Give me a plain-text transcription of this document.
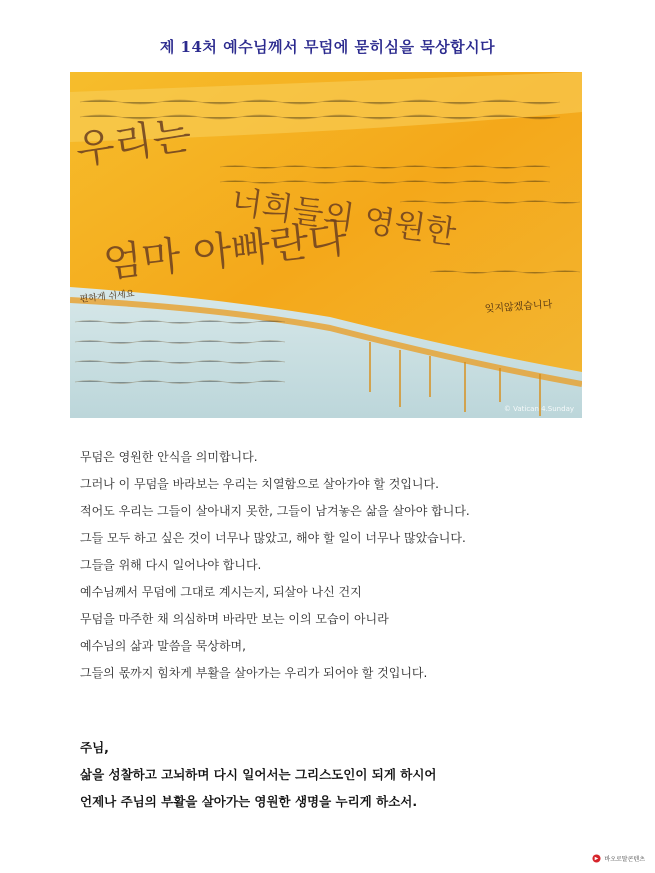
제 14처 예수님께서 무덤에 묻히심을 묵상합시다
우리는
엄마 아빠란다
너희들의 영원한
잊지않겠습니다
편하게 쉬세요
© Vatican 4.Sunday

무덤은 영원한 안식을 의미합니다.

그러나 이 무덤을 바라보는 우리는 치열함으로 살아가야 할 것입니다.

적어도 우리는 그들이 살아내지 못한, 그들이 남겨놓은 삶을 살아야 합니다.

그들 모두 하고 싶은 것이 너무나 많았고, 해야 할 일이 너무나 많았습니다.

그들을 위해 다시 일어나야 합니다.

예수님께서 무덤에 그대로 계시는지, 되살아 나신 건지

무덤을 마주한 채 의심하며 바라만 보는 이의 모습이 아니라

예수님의 삶과 말씀을 묵상하며,

그들의 몫까지 힘차게 부활을 살아가는 우리가 되어야 할 것입니다.

주님,

삶을 성찰하고 고뇌하며 다시 일어서는 그리스도인이 되게 하시어

언제나 주님의 부활을 살아가는 영원한 생명을 누리게 하소서.

바오로딸콘텐츠
